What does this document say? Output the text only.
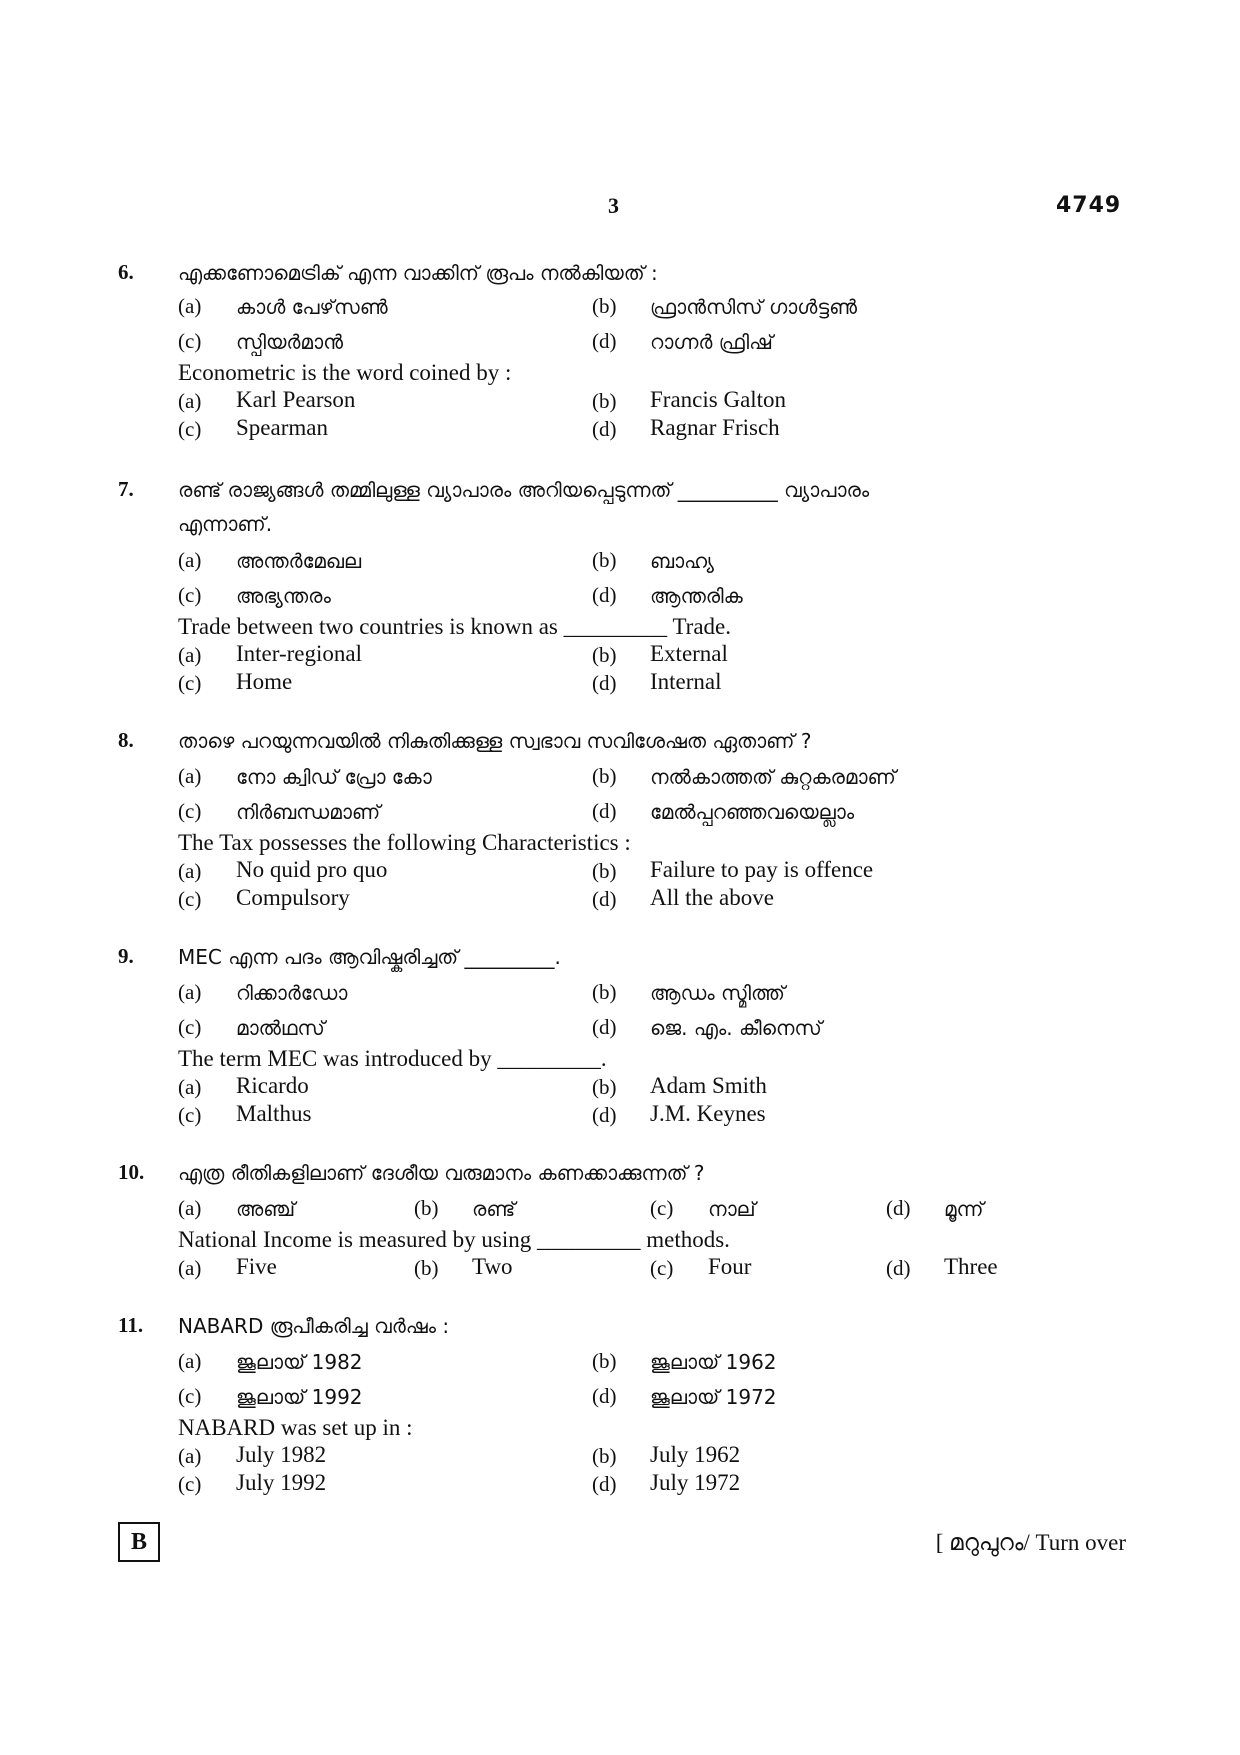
3	4749
6. എക്കണോമെട്രിക് എന്ന വാക്കിന് രൂപം നൽകിയത് :
(a) കാൾ പേഴ്‌സൺ	(b) ഫ്രാൻസിസ് ഗാൾട്ടൺ
(c) സ്പിയർമാൻ	(d) റാഗ്നർ ഫ്രിഷ്
Econometric is the word coined by :
(a) Karl Pearson	(b) Francis Galton
(c) Spearman	(d) Ragnar Frisch
7. രണ്ട് രാജ്യങ്ങൾ തമ്മിലുള്ള വ്യാപാരം അറിയപ്പെടുന്നത് __________ വ്യാപാരം
എന്നാണ്.
(a) അന്തർമേഖല	(b) ബാഹ്യ
(c) അഭ്യന്തരം	(d) ആന്തരിക
Trade between two countries is known as _________ Trade.
(a) Inter-regional	(b) External
(c) Home	(d) Internal
8. താഴെ പറയുന്നവയിൽ നികുതിക്കുള്ള സ്വഭാവ സവിശേഷത ഏതാണ് ?
(a) നോ ക്വിഡ് പ്രോ കോ	(b) നൽകാത്തത് കുറ്റകരമാണ്
(c) നിർബന്ധമാണ്	(d) മേൽപ്പറഞ്ഞവയെല്ലാം
The Tax possesses the following Characteristics :
(a) No quid pro quo	(b) Failure to pay is offence
(c) Compulsory	(d) All the above
9. MEC എന്ന പദം ആവിഷ്കരിച്ചത് _________.
(a) റിക്കാർഡോ	(b) ആഡം സ്മിത്ത്
(c) മാൽഥസ്	(d) ജെ. എം. കീനെസ്
The term MEC was introduced by _________.
(a) Ricardo	(b) Adam Smith
(c) Malthus	(d) J.M. Keynes
10. എത്ര രീതികളിലാണ് ദേശീയ വരുമാനം കണക്കാക്കുന്നത് ?
(a) അഞ്ച്	(b) രണ്ട്	(c) നാല്	(d) മൂന്ന്
National Income is measured by using _________ methods.
(a) Five	(b) Two	(c) Four	(d) Three
11. NABARD രൂപീകരിച്ച വർഷം :
(a) ജൂലായ് 1982	(b) ജൂലായ് 1962
(c) ജൂലായ് 1992	(d) ജൂലായ് 1972
NABARD was set up in :
(a) July 1982	(b) July 1962
(c) July 1992	(d) July 1972
B	[ മറുപുറം/ Turn over
